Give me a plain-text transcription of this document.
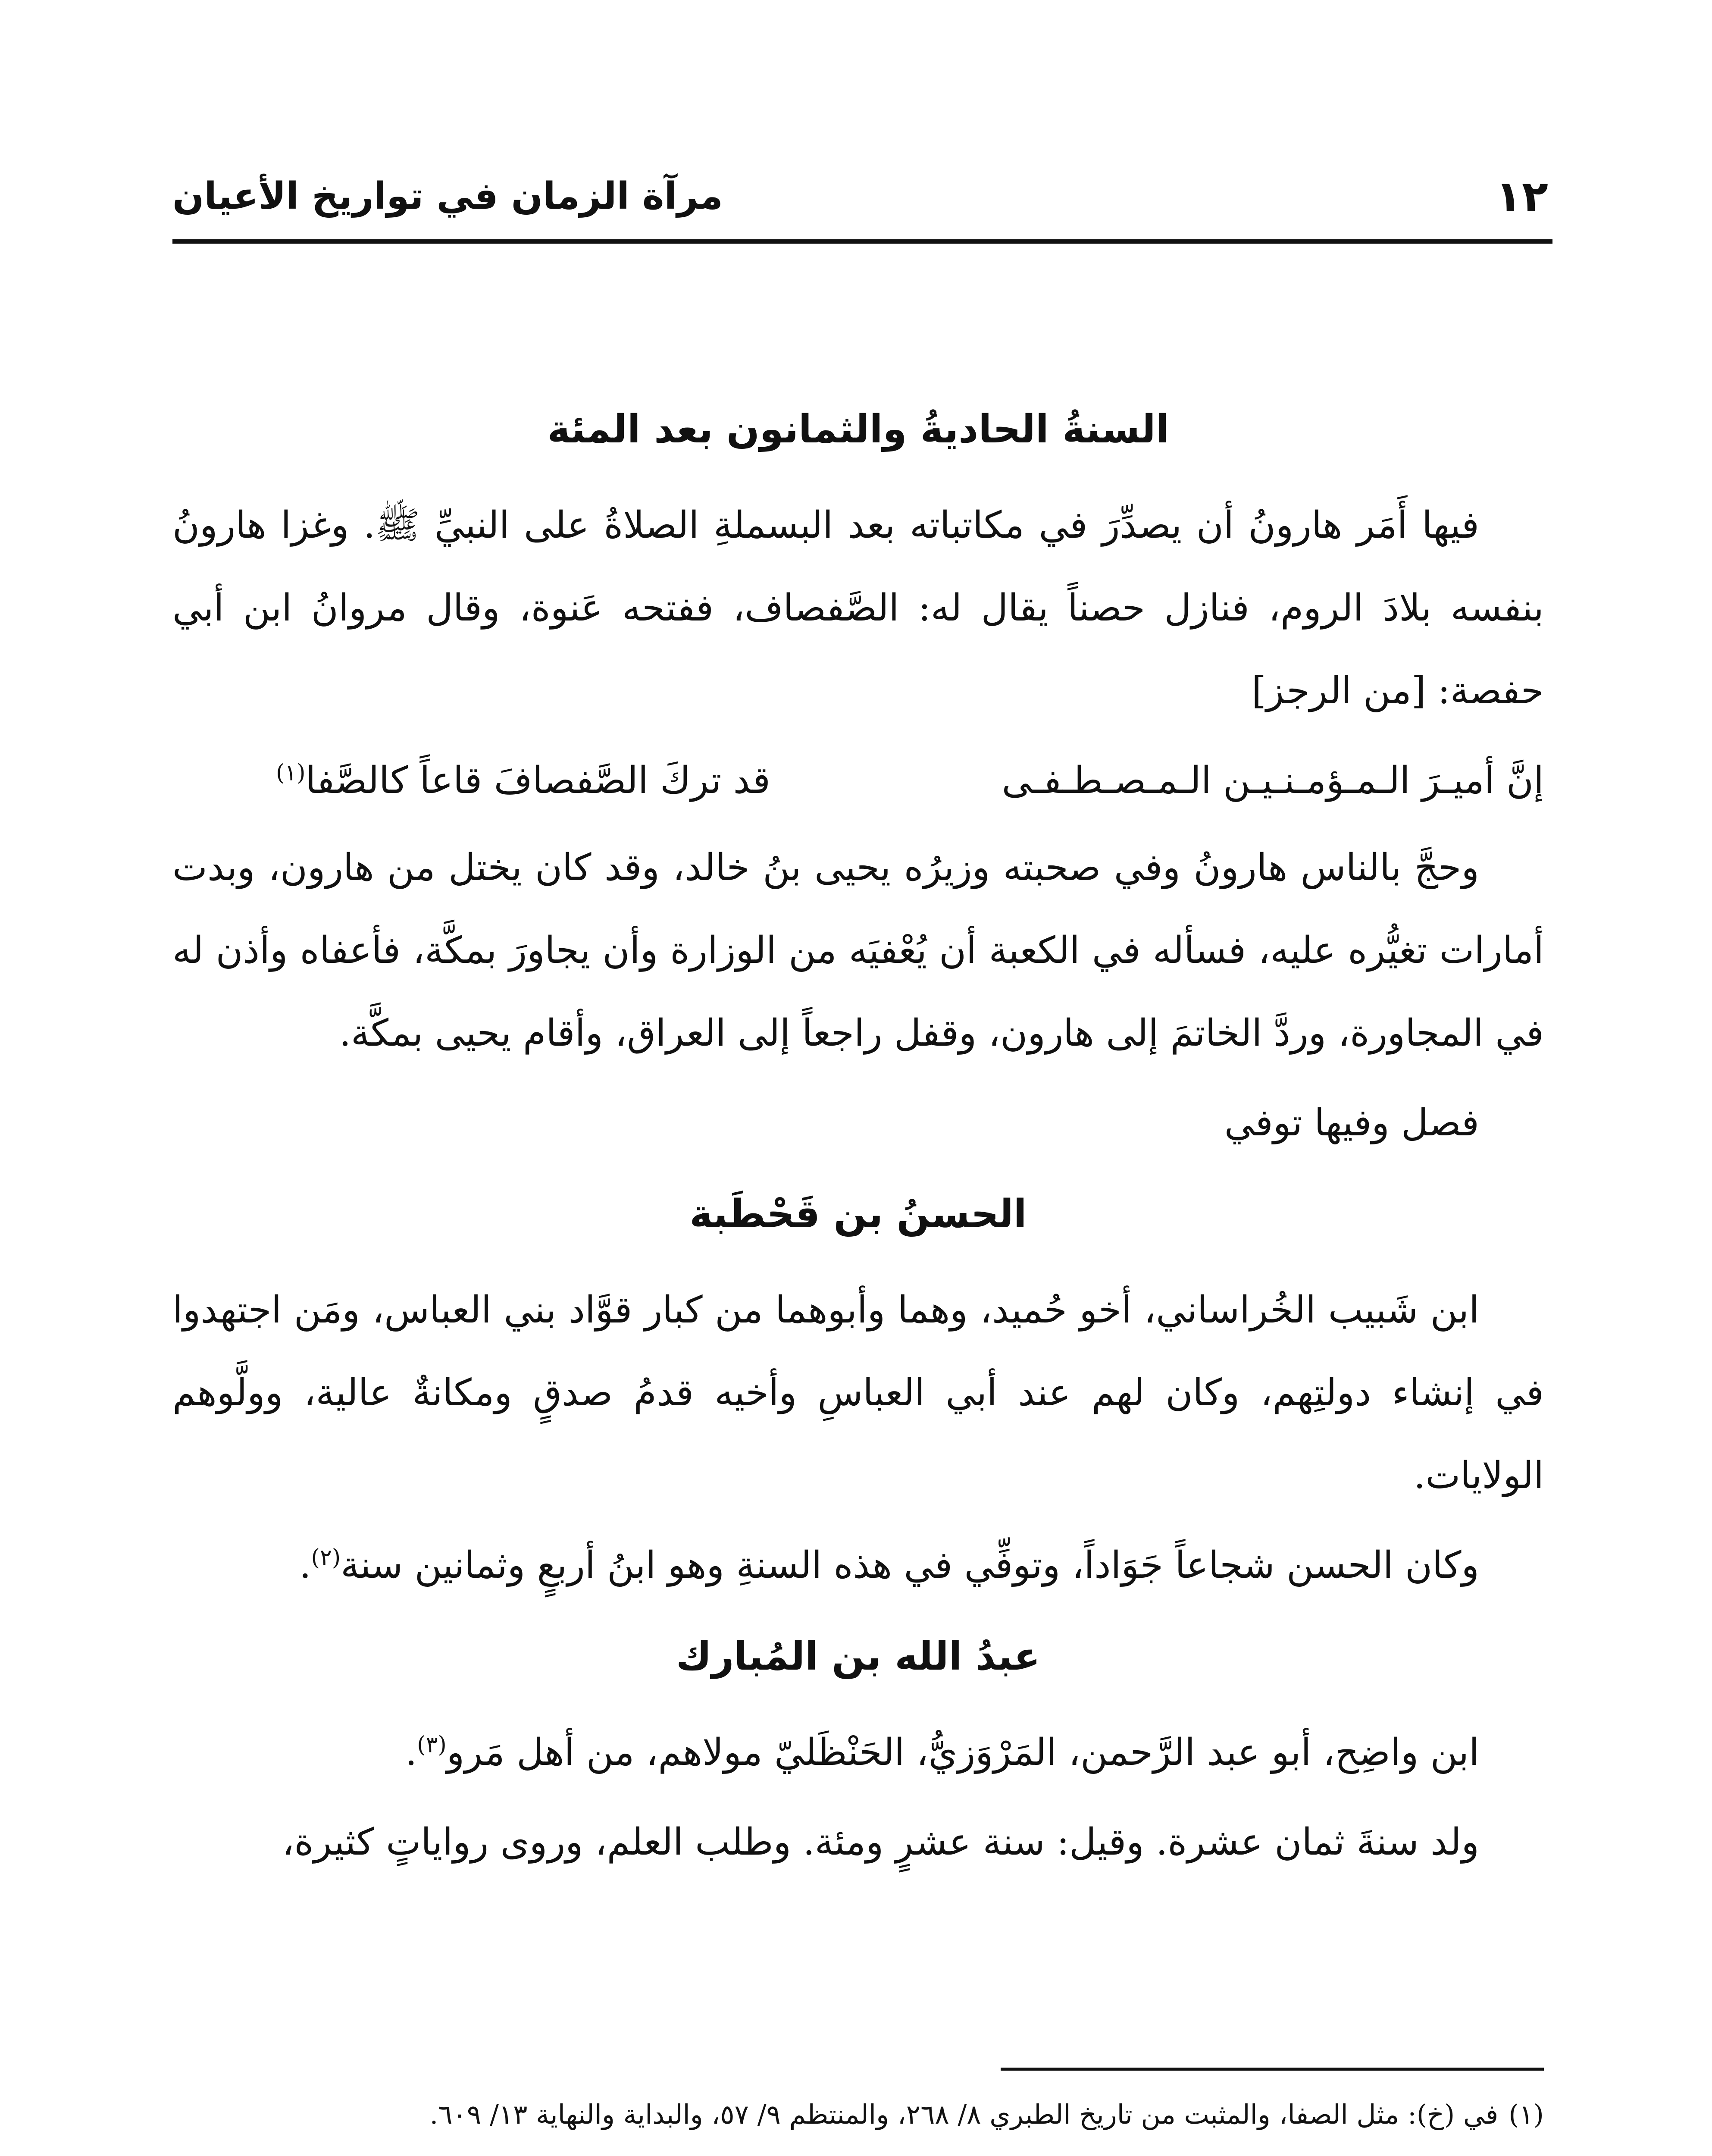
١٢
مرآة الزمان في تواريخ الأعيان
السنةُ الحاديةُ والثمانون بعد المئة

فيها أَمَر هارونُ أن يصدِّرَ في مكاتباته بعد البسملةِ الصلاةُ على النبيِّ ﷺ. وغزا هارونُ بنفسه بلادَ الروم، فنازل حصناً يقال له: الصَّفصاف، ففتحه عَنوة، وقال مروانُ ابن أبي حفصة: [من الرجز]

إنَّ أميـرَ الـمـؤمـنـيـن الـمـصـطـفـى
قد تركَ الصَّفصافَ قاعاً كالصَّفا$^{(١)}$

وحجَّ بالناس هارونُ وفي صحبته وزيرُه يحيى بنُ خالد، وقد كان يختل من هارون، وبدت أمارات تغيُّره عليه، فسأله في الكعبة أن يُعْفيَه من الوزارة وأن يجاورَ بمكَّة، فأعفاه وأذن له في المجاورة، وردَّ الخاتمَ إلى هارون، وقفل راجعاً إلى العراق، وأقام يحيى بمكَّة.

فصل وفيها توفي

الحسنُ بن قَحْطَبة

ابن شَبيب الخُراساني، أخو حُميد، وهما وأبوهما من كبار قوَّاد بني العباس، ومَن اجتهدوا في إنشاء دولتِهم، وكان لهم عند أبي العباسِ وأخيه قدمُ صدقٍ ومكانةٌ عالية، وولَّوهم الولايات.

وكان الحسن شجاعاً جَوَاداً، وتوفِّي في هذه السنةِ وهو ابنُ أربعٍ وثمانين سنة$^{(٢)}$.

عبدُ الله بن المُبارك

ابن واضِح، أبو عبد الرَّحمن، المَرْوَزيُّ، الحَنْظَليّ مولاهم، من أهل مَرو$^{(٣)}$.

ولد سنةَ ثمان عشرة. وقيل: سنة عشرٍ ومئة. وطلب العلم، وروى رواياتٍ كثيرة،

(١)في (خ): مثل الصفا، والمثبت من تاريخ الطبري ٨/ ٢٦٨، والمنتظم ٩/ ٥٧، والبداية والنهاية ١٣/ ٦٠٩.
